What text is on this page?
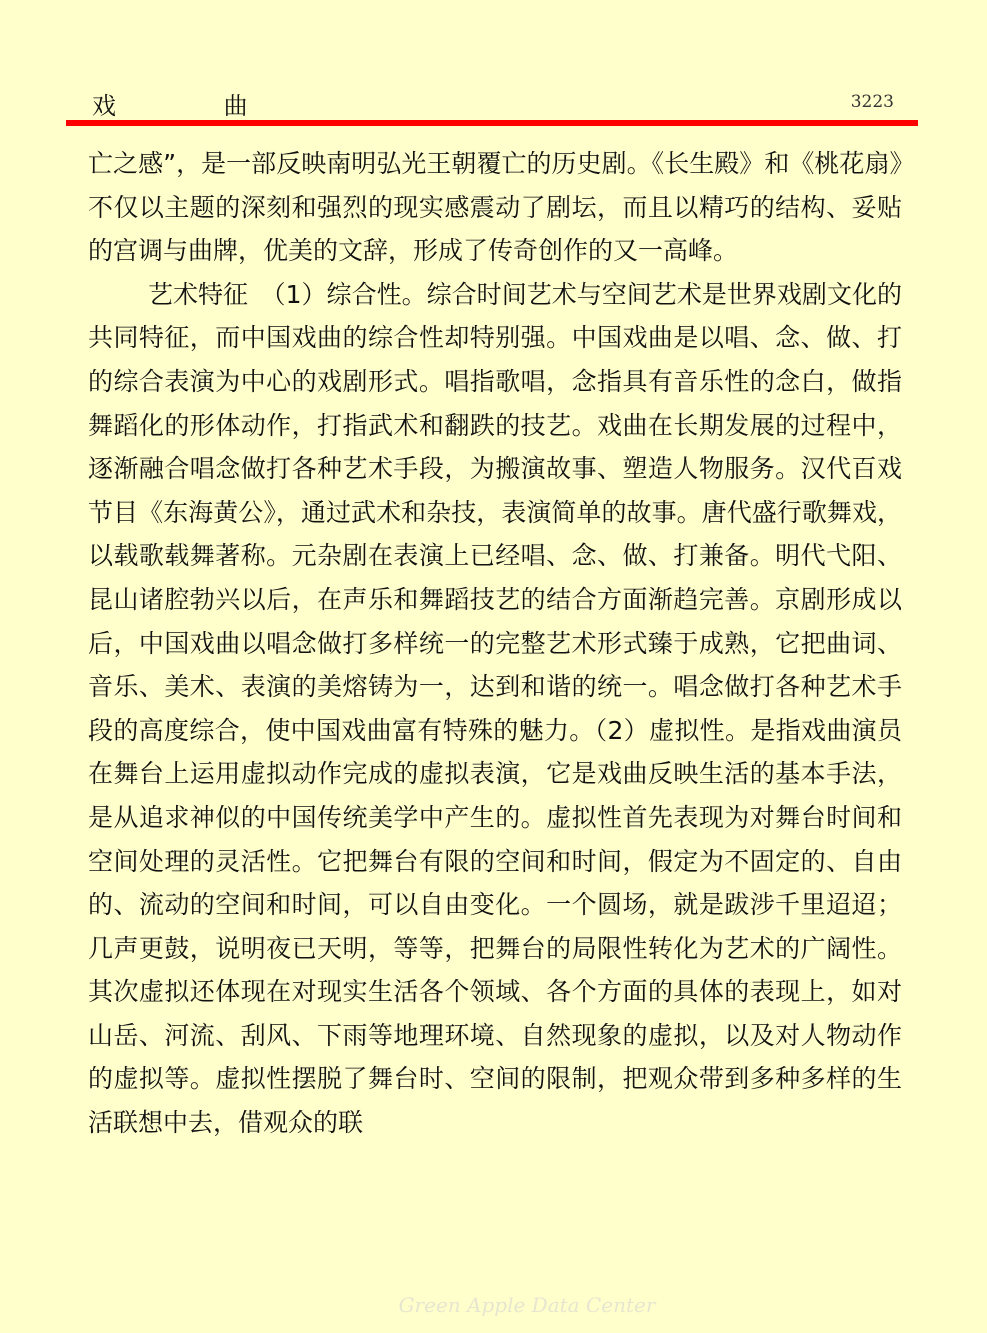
戏 曲	3223

亡之感”，是一部反映南明弘光王朝覆亡的历史剧。《长生殿》和《桃花扇》不仅以主题的深刻和强烈的现实感震动了剧坛，而且以精巧的结构、妥贴的宫调与曲牌，优美的文辞，形成了传奇创作的又一高峰。

艺术特征　（1）综合性。综合时间艺术与空间艺术是世界戏剧文化的共同特征，而中国戏曲的综合性却特别强。中国戏曲是以唱、念、做、打的综合表演为中心的戏剧形式。唱指歌唱，念指具有音乐性的念白，做指舞蹈化的形体动作，打指武术和翻跌的技艺。戏曲在长期发展的过程中，逐渐融合唱念做打各种艺术手段，为搬演故事、塑造人物服务。汉代百戏节目《东海黄公》，通过武术和杂技，表演简单的故事。唐代盛行歌舞戏，以载歌载舞著称。元杂剧在表演上已经唱、念、做、打兼备。明代弋阳、昆山诸腔勃兴以后，在声乐和舞蹈技艺的结合方面渐趋完善。京剧形成以后，中国戏曲以唱念做打多样统一的完整艺术形式臻于成熟，它把曲词、音乐、美术、表演的美熔铸为一，达到和谐的统一。唱念做打各种艺术手段的高度综合，使中国戏曲富有特殊的魅力。（2）虚拟性。是指戏曲演员在舞台上运用虚拟动作完成的虚拟表演，它是戏曲反映生活的基本手法，是从追求神似的中国传统美学中产生的。虚拟性首先表现为对舞台时间和空间处理的灵活性。它把舞台有限的空间和时间，假定为不固定的、自由的、流动的空间和时间，可以自由变化。一个圆场，就是跋涉千里迢迢；几声更鼓，说明夜已天明，等等，把舞台的局限性转化为艺术的广阔性。其次虚拟还体现在对现实生活各个领域、各个方面的具体的表现上，如对山岳、河流、刮风、下雨等地理环境、自然现象的虚拟，以及对人物动作的虚拟等。虚拟性摆脱了舞台时、空间的限制，把观众带到多种多样的生活联想中去，借观众的联

Green Apple Data Center
